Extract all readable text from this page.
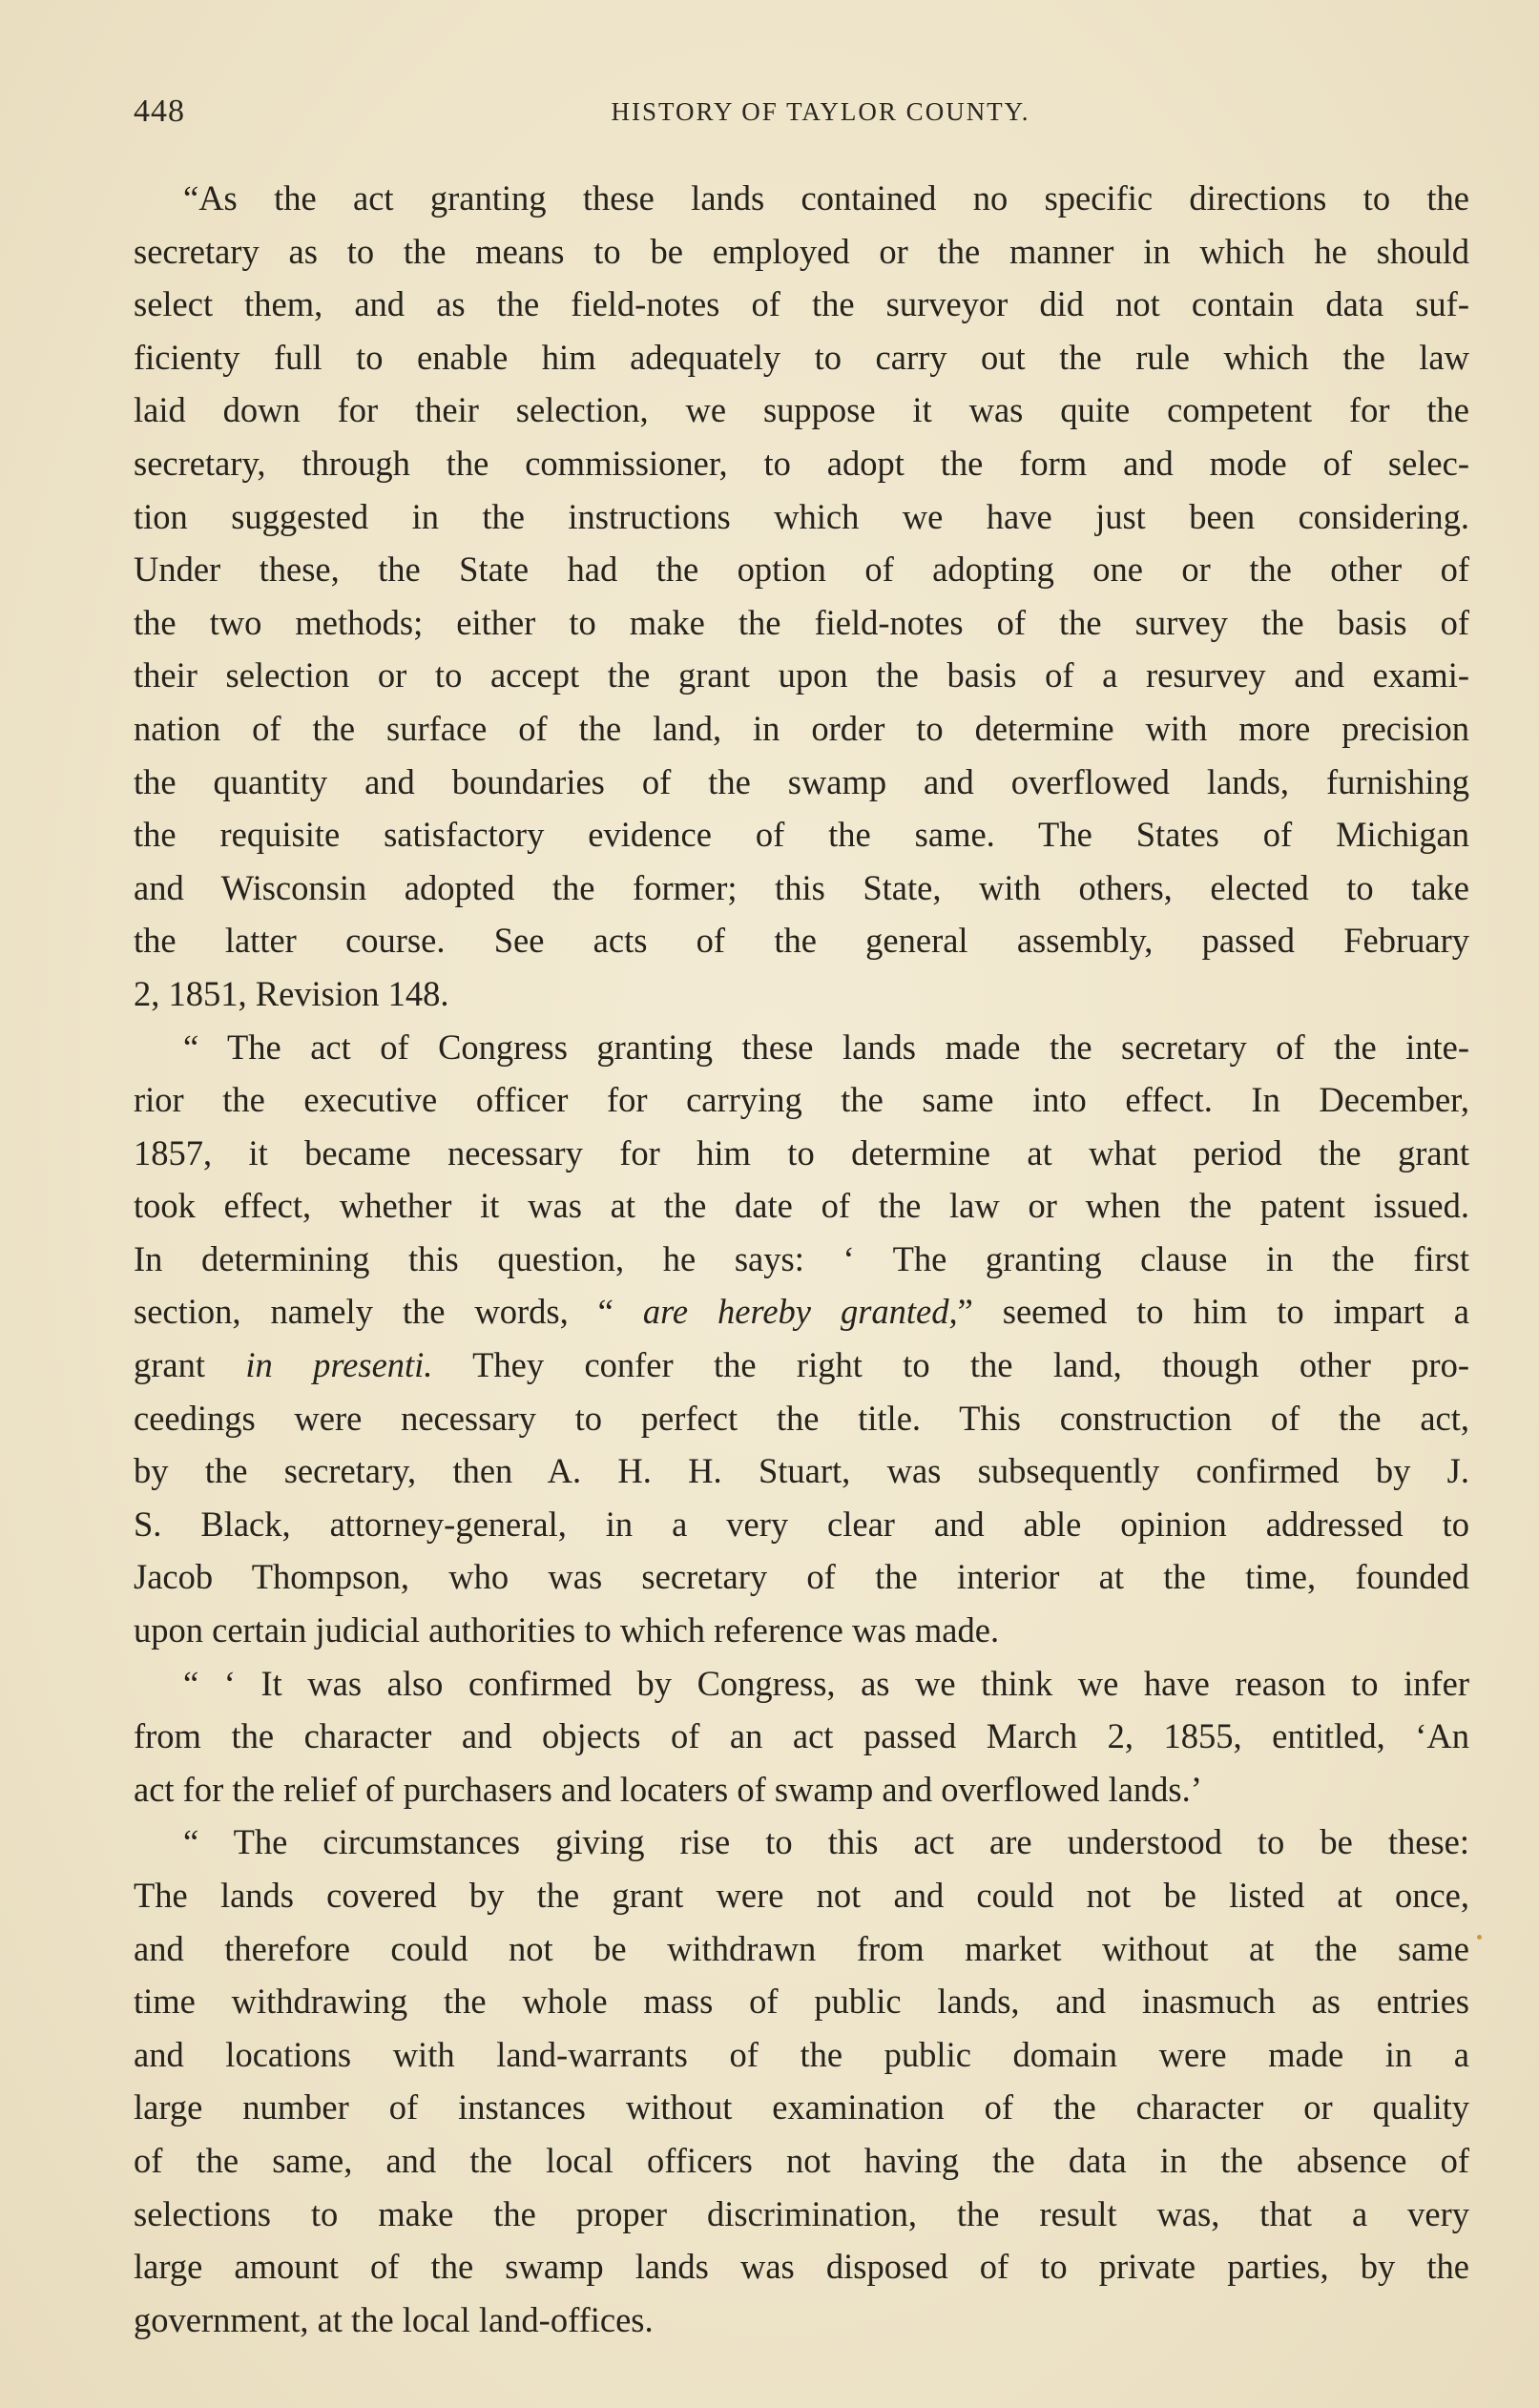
448	HISTORY OF TAYLOR COUNTY.
“As the act granting these lands contained no specific directions to the
secretary as to the means to be employed or the manner in which he should
select them, and as the field-notes of the surveyor did not contain data suf-
ficienty full to enable him adequately to carry out the rule which the law
laid down for their selection, we suppose it was quite competent for the
secretary, through the commissioner, to adopt the form and mode of selec-
tion suggested in the instructions which we have just been considering.
Under these, the State had the option of adopting one or the other of
the two methods; either to make the field-notes of the survey the basis of
their selection or to accept the grant upon the basis of a resurvey and exami-
nation of the surface of the land, in order to determine with more precision
the quantity and boundaries of the swamp and overflowed lands, furnishing
the requisite satisfactory evidence of the same. The States of Michigan
and Wisconsin adopted the former; this State, with others, elected to take
the latter course. See acts of the general assembly, passed February
2, 1851, Revision 148.
“ The act of Congress granting these lands made the secretary of the inte-
rior the executive officer for carrying the same into effect. In December,
1857, it became necessary for him to determine at what period the grant
took effect, whether it was at the date of the law or when the patent issued.
In determining this question, he says: ‘ The granting clause in the first
section, namely the words, “ are hereby granted,” seemed to him to impart a
grant in presenti. They confer the right to the land, though other pro-
ceedings were necessary to perfect the title. This construction of the act,
by the secretary, then A. H. H. Stuart, was subsequently confirmed by J.
S. Black, attorney-general, in a very clear and able opinion addressed to
Jacob Thompson, who was secretary of the interior at the time, founded
upon certain judicial authorities to which reference was made.
“ ‘ It was also confirmed by Congress, as we think we have reason to infer
from the character and objects of an act passed March 2, 1855, entitled, ‘An
act for the relief of purchasers and locaters of swamp and overflowed lands.’
“ The circumstances giving rise to this act are understood to be these:
The lands covered by the grant were not and could not be listed at once,
and therefore could not be withdrawn from market without at the same
time withdrawing the whole mass of public lands, and inasmuch as entries
and locations with land-warrants of the public domain were made in a
large number of instances without examination of the character or quality
of the same, and the local officers not having the data in the absence of
selections to make the proper discrimination, the result was, that a very
large amount of the swamp lands was disposed of to private parties, by the
government, at the local land-offices.
